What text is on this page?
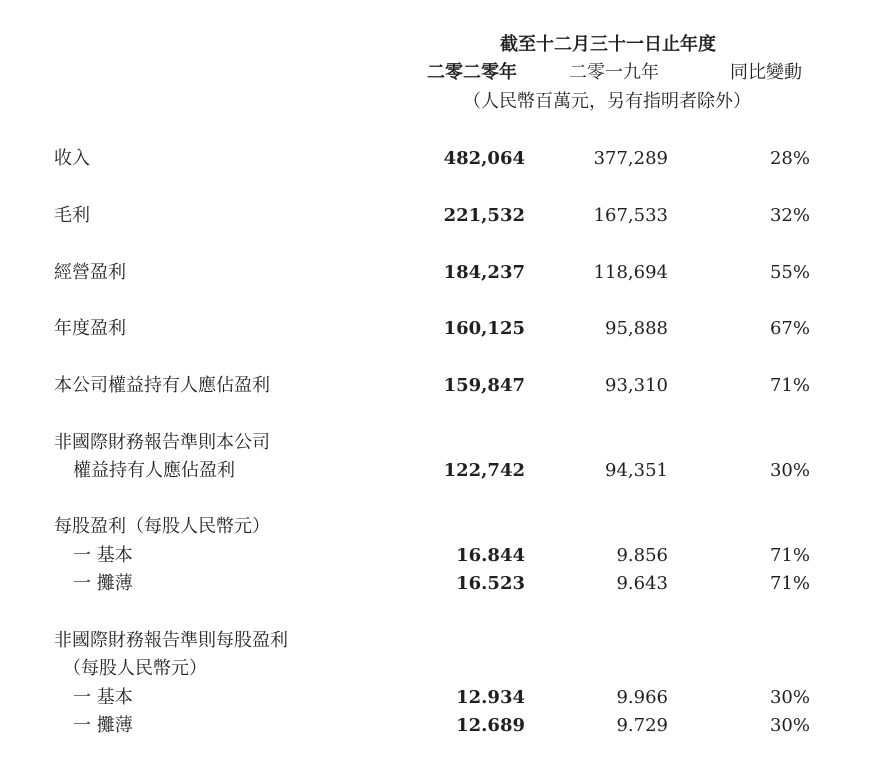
截至十二月三十一日止年度
二零二零年	二零一九年	同比變動
（人民幣百萬元，另有指明者除外）
收入	482,064	377,289	28%
毛利	221,532	167,533	32%
經營盈利	184,237	118,694	55%
年度盈利	160,125	95,888	67%
本公司權益持有人應佔盈利	159,847	93,310	71%
非國際財務報告準則本公司
權益持有人應佔盈利	122,742	94,351	30%
每股盈利（每股人民幣元）
一 基本	16.844	9.856	71%
一 攤薄	16.523	9.643	71%
非國際財務報告準則每股盈利
（每股人民幣元）
一 基本	12.934	9.966	30%
一 攤薄	12.689	9.729	30%
